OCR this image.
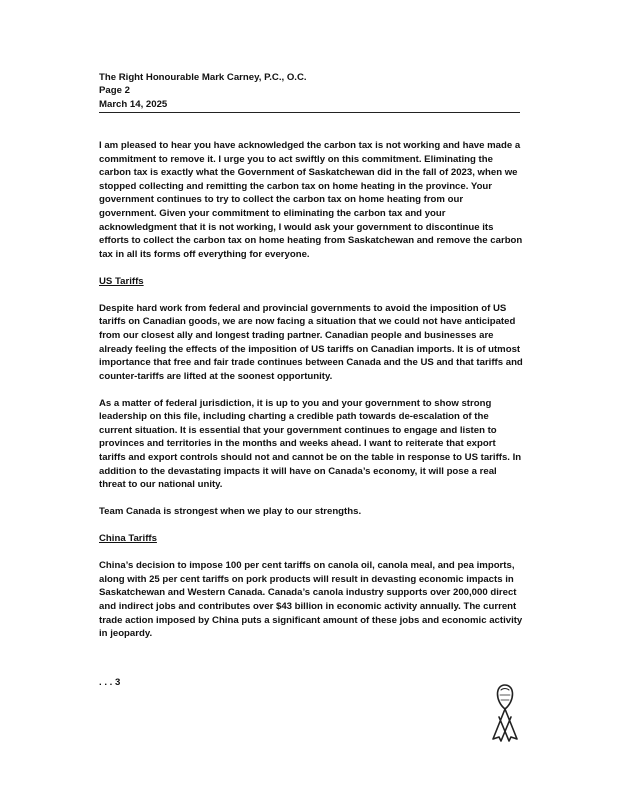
The Right Honourable Mark Carney, P.C., O.C.
Page 2
March 14, 2025

I am pleased to hear you have acknowledged the carbon tax is not working and have made a commitment to remove it. I urge you to act swiftly on this commitment. Eliminating the carbon tax is exactly what the Government of Saskatchewan did in the fall of 2023, when we stopped collecting and remitting the carbon tax on home heating in the province. Your government continues to try to collect the carbon tax on home heating from our government. Given your commitment to eliminating the carbon tax and your acknowledgment that it is not working, I would ask your government to discontinue its efforts to collect the carbon tax on home heating from Saskatchewan and remove the carbon tax in all its forms off everything for everyone.

US Tariffs

Despite hard work from federal and provincial governments to avoid the imposition of US tariffs on Canadian goods, we are now facing a situation that we could not have anticipated from our closest ally and longest trading partner. Canadian people and businesses are already feeling the effects of the imposition of US tariffs on Canadian imports. It is of utmost importance that free and fair trade continues between Canada and the US and that tariffs and counter-tariffs are lifted at the soonest opportunity.

As a matter of federal jurisdiction, it is up to you and your government to show strong leadership on this file, including charting a credible path towards de-escalation of the current situation. It is essential that your government continues to engage and listen to provinces and territories in the months and weeks ahead. I want to reiterate that export tariffs and export controls should not and cannot be on the table in response to US tariffs. In addition to the devastating impacts it will have on Canada’s economy, it will pose a real threat to our national unity.

Team Canada is strongest when we play to our strengths.

China Tariffs

China’s decision to impose 100 per cent tariffs on canola oil, canola meal, and pea imports, along with 25 per cent tariffs on pork products will result in devasting economic impacts in Saskatchewan and Western Canada. Canada’s canola industry supports over 200,000 direct and indirect jobs and contributes over $43 billion in economic activity annually. The current trade action imposed by China puts a significant amount of these jobs and economic activity in jeopardy.

. . . 3
